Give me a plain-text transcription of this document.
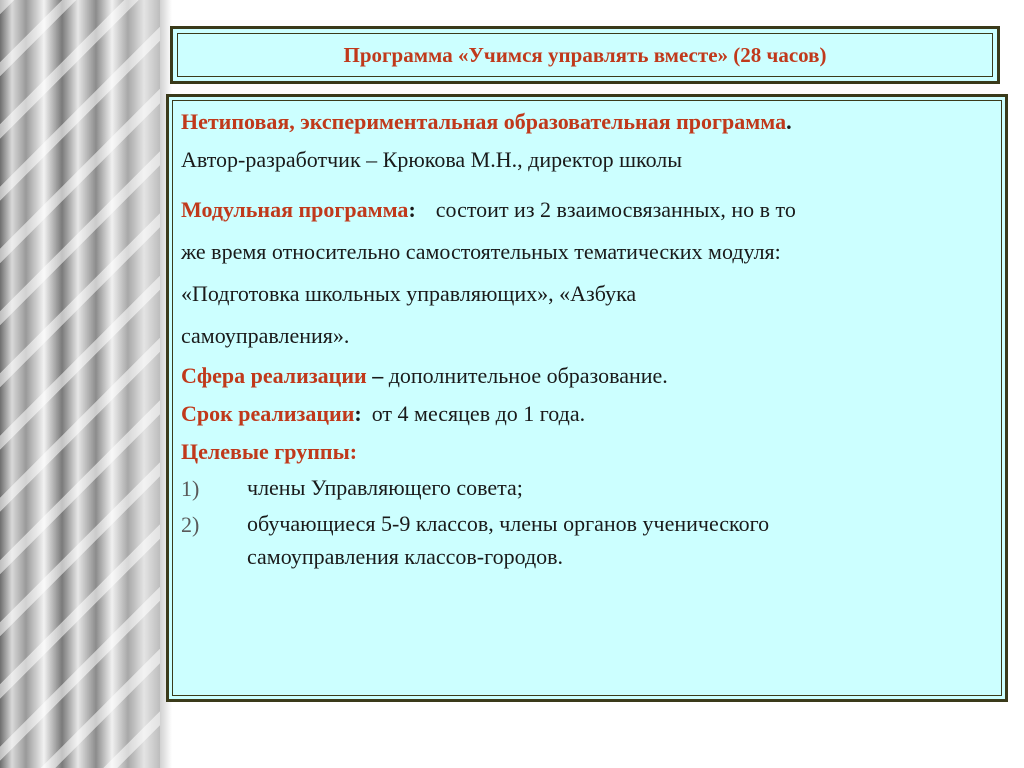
Программа «Учимся управлять вместе» (28 часов)

Нетиповая, экспериментальная образовательная программа.

Автор-разработчик – Крюкова М.Н., директор школы

Модульная программа: состоит из 2 взаимосвязанных, но в то

же время относительно самостоятельных тематических модуля:

«Подготовка школьных управляющих», «Азбука

самоуправления».

Сфера реализации – дополнительное образование.

Срок реализации: от 4 месяцев до 1 года.

Целевые группы:

1)	члены Управляющего совета;
2)	обучающиеся 5-9 классов, члены органов ученического
самоуправления классов-городов.
